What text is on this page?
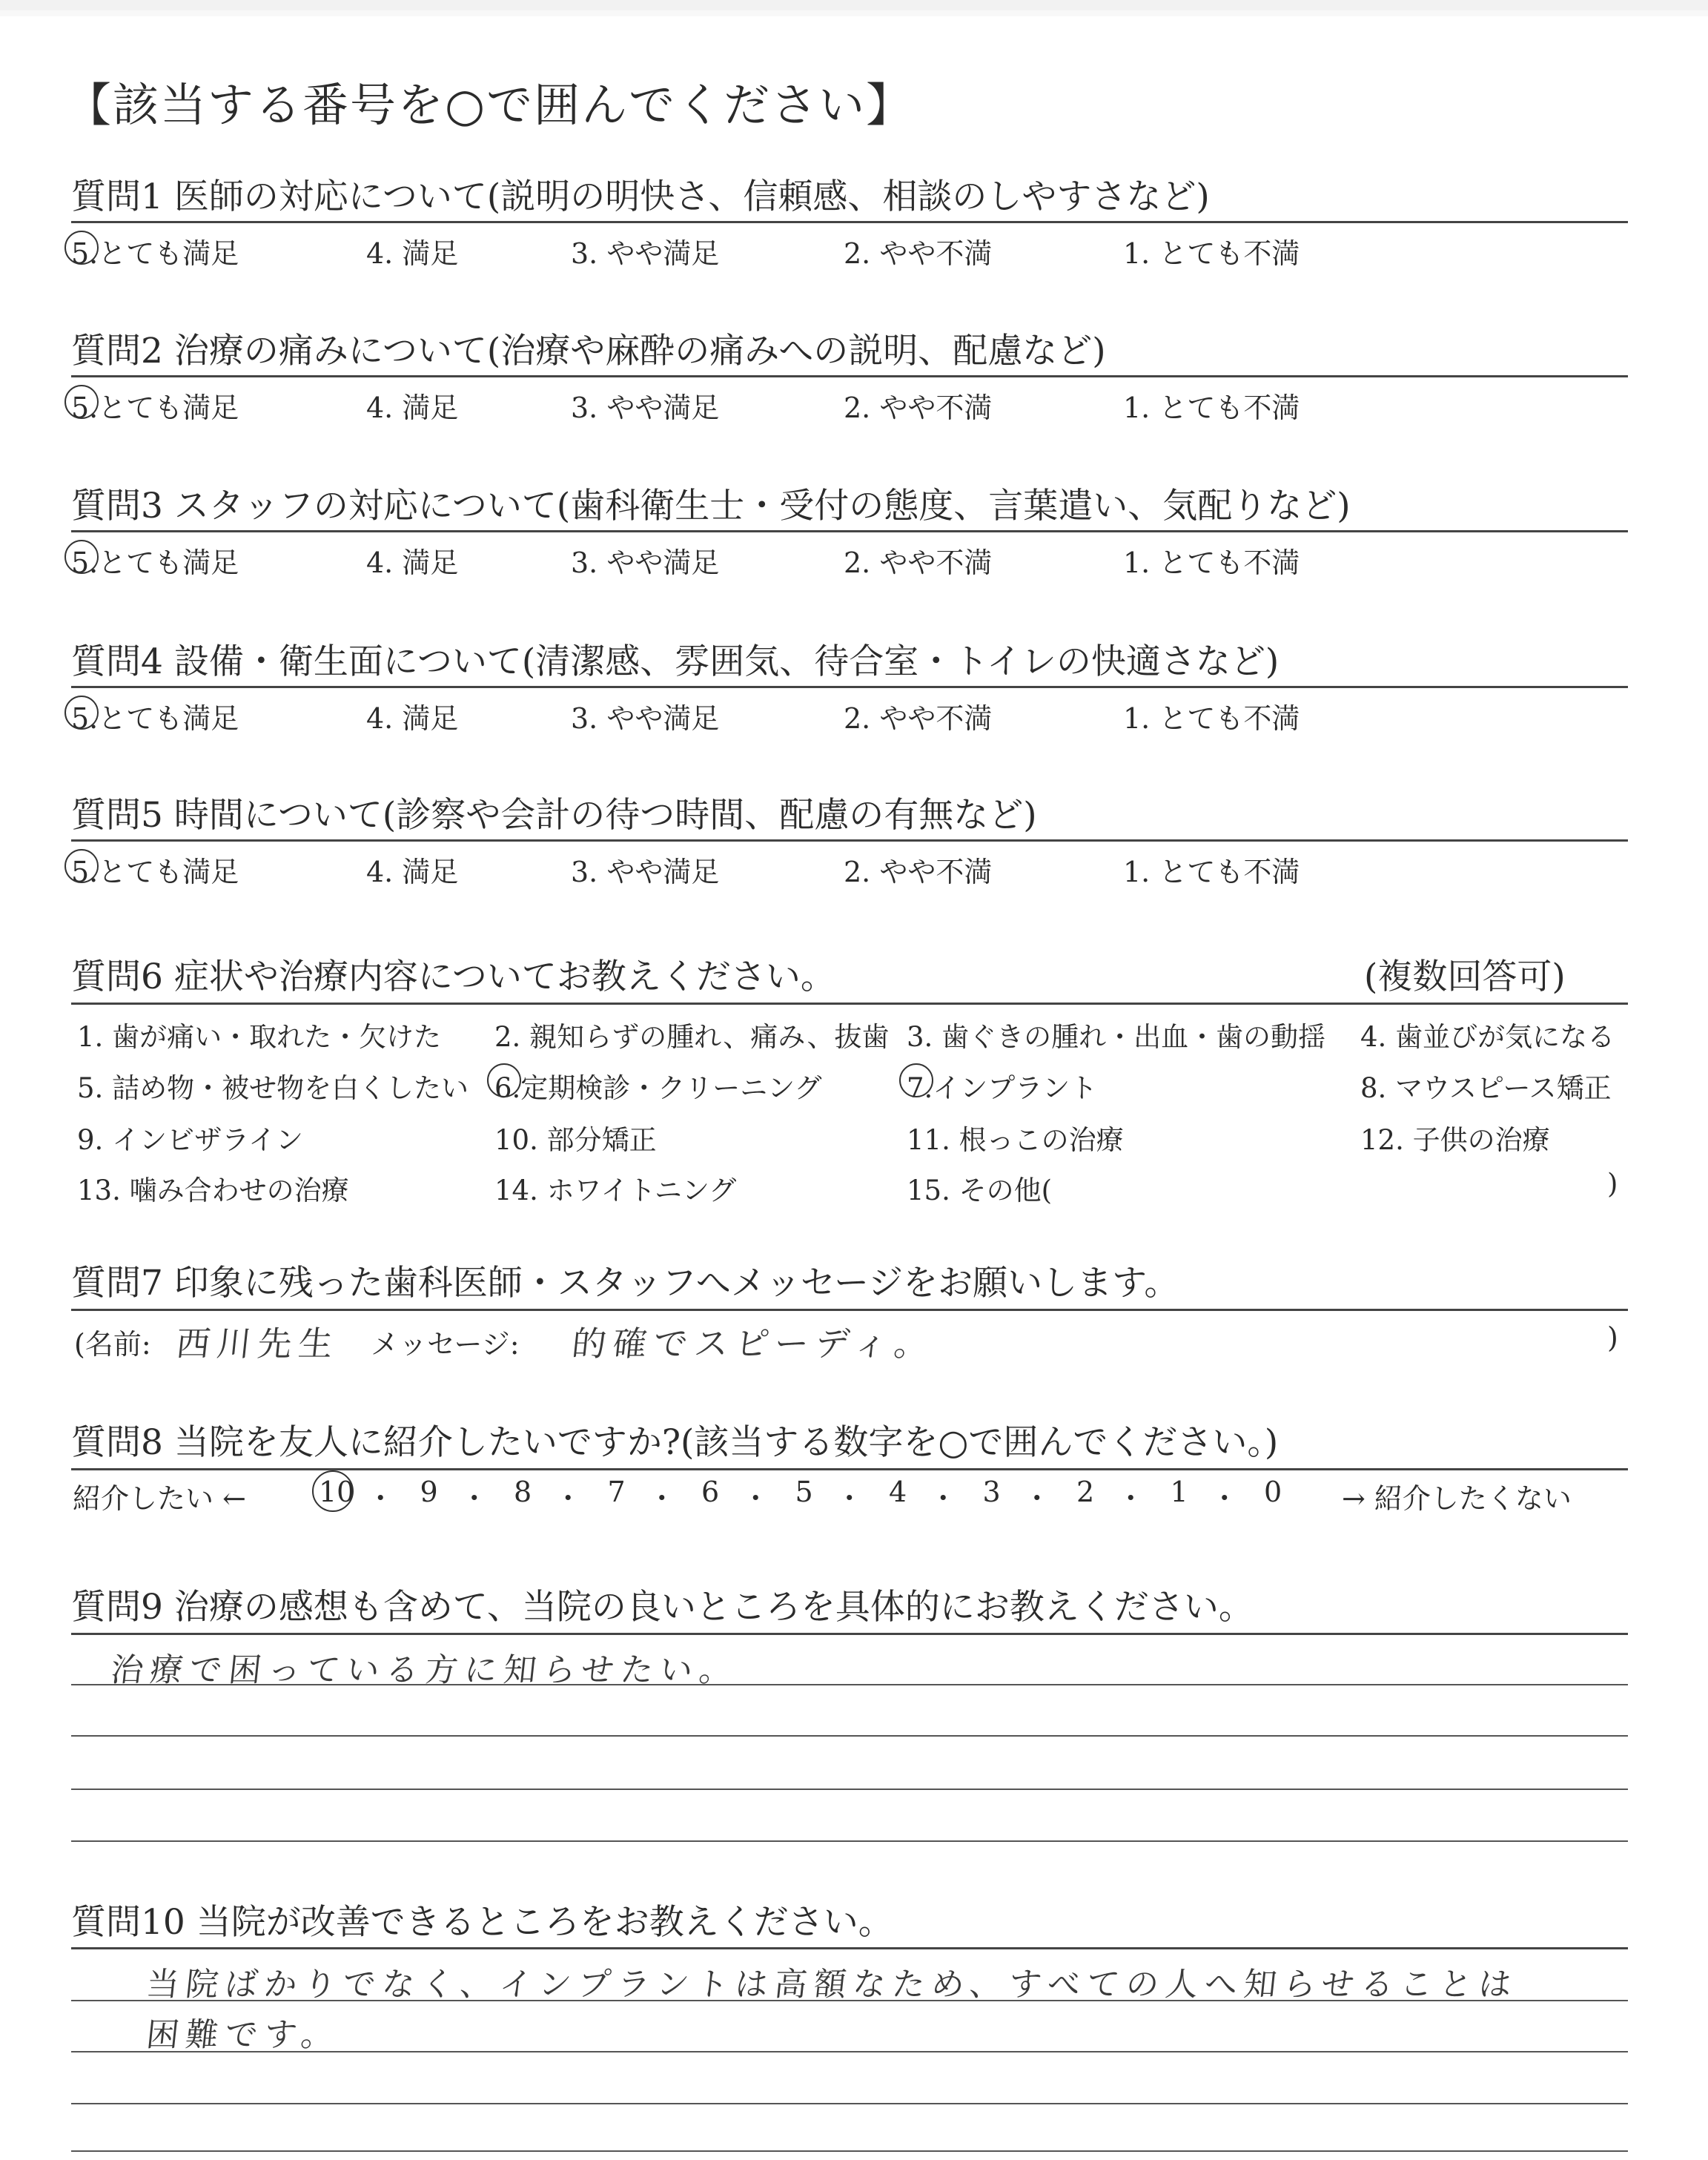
【該当する番号を○で囲んでください】
質問1 医師の対応について(説明の明快さ、信頼感、相談のしやすさなど)
5.とても満足	4. 満足	3. やや満足	2. やや不満	1. とても不満
質問2 治療の痛みについて(治療や麻酔の痛みへの説明、配慮など)
5.とても満足	4. 満足	3. やや満足	2. やや不満	1. とても不満
質問3 スタッフの対応について(歯科衛生士・受付の態度、言葉遣い、気配りなど)
5.とても満足	4. 満足	3. やや満足	2. やや不満	1. とても不満
質問4 設備・衛生面について(清潔感、雰囲気、待合室・トイレの快適さなど)
5.とても満足	4. 満足	3. やや満足	2. やや不満	1. とても不満
質問5 時間について(診察や会計の待つ時間、配慮の有無など)
5.とても満足	4. 満足	3. やや満足	2. やや不満	1. とても不満
質問6 症状や治療内容についてお教えください。	(複数回答可)
1. 歯が痛い・取れた・欠けた 2. 親知らずの腫れ、痛み、抜歯 3. 歯ぐきの腫れ・出血・歯の動揺 4. 歯並びが気になる
5. 詰め物・被せ物を白くしたい 6.定期検診・クリーニング	7.インプラント	8. マウスピース矯正
9. インビザライン	10. 部分矯正	11. 根っこの治療	12. 子供の治療
13. 噛み合わせの治療	14. ホワイトニング	15. その他(	)
質問7 印象に残った歯科医師・スタッフへメッセージをお願いします。
(名前: 西川先生 メッセージ: 的確でスピーディ。	)
質問8 当院を友人に紹介したいですか?(該当する数字を○で囲んでください。)
紹介したい ←	10 ・ 9 ・ 8 ・ 7 ・ 6 ・ 5 ・ 4 ・ 3 ・ 2 ・ 1 ・ 0 → 紹介したくない
質問9 治療の感想も含めて、当院の良いところを具体的にお教えください。
治療で困っている方に知らせたい。
質問10 当院が改善できるところをお教えください。
当院ばかりでなく、インプラントは高額なため、すべての人へ知らせることは
困難です。
